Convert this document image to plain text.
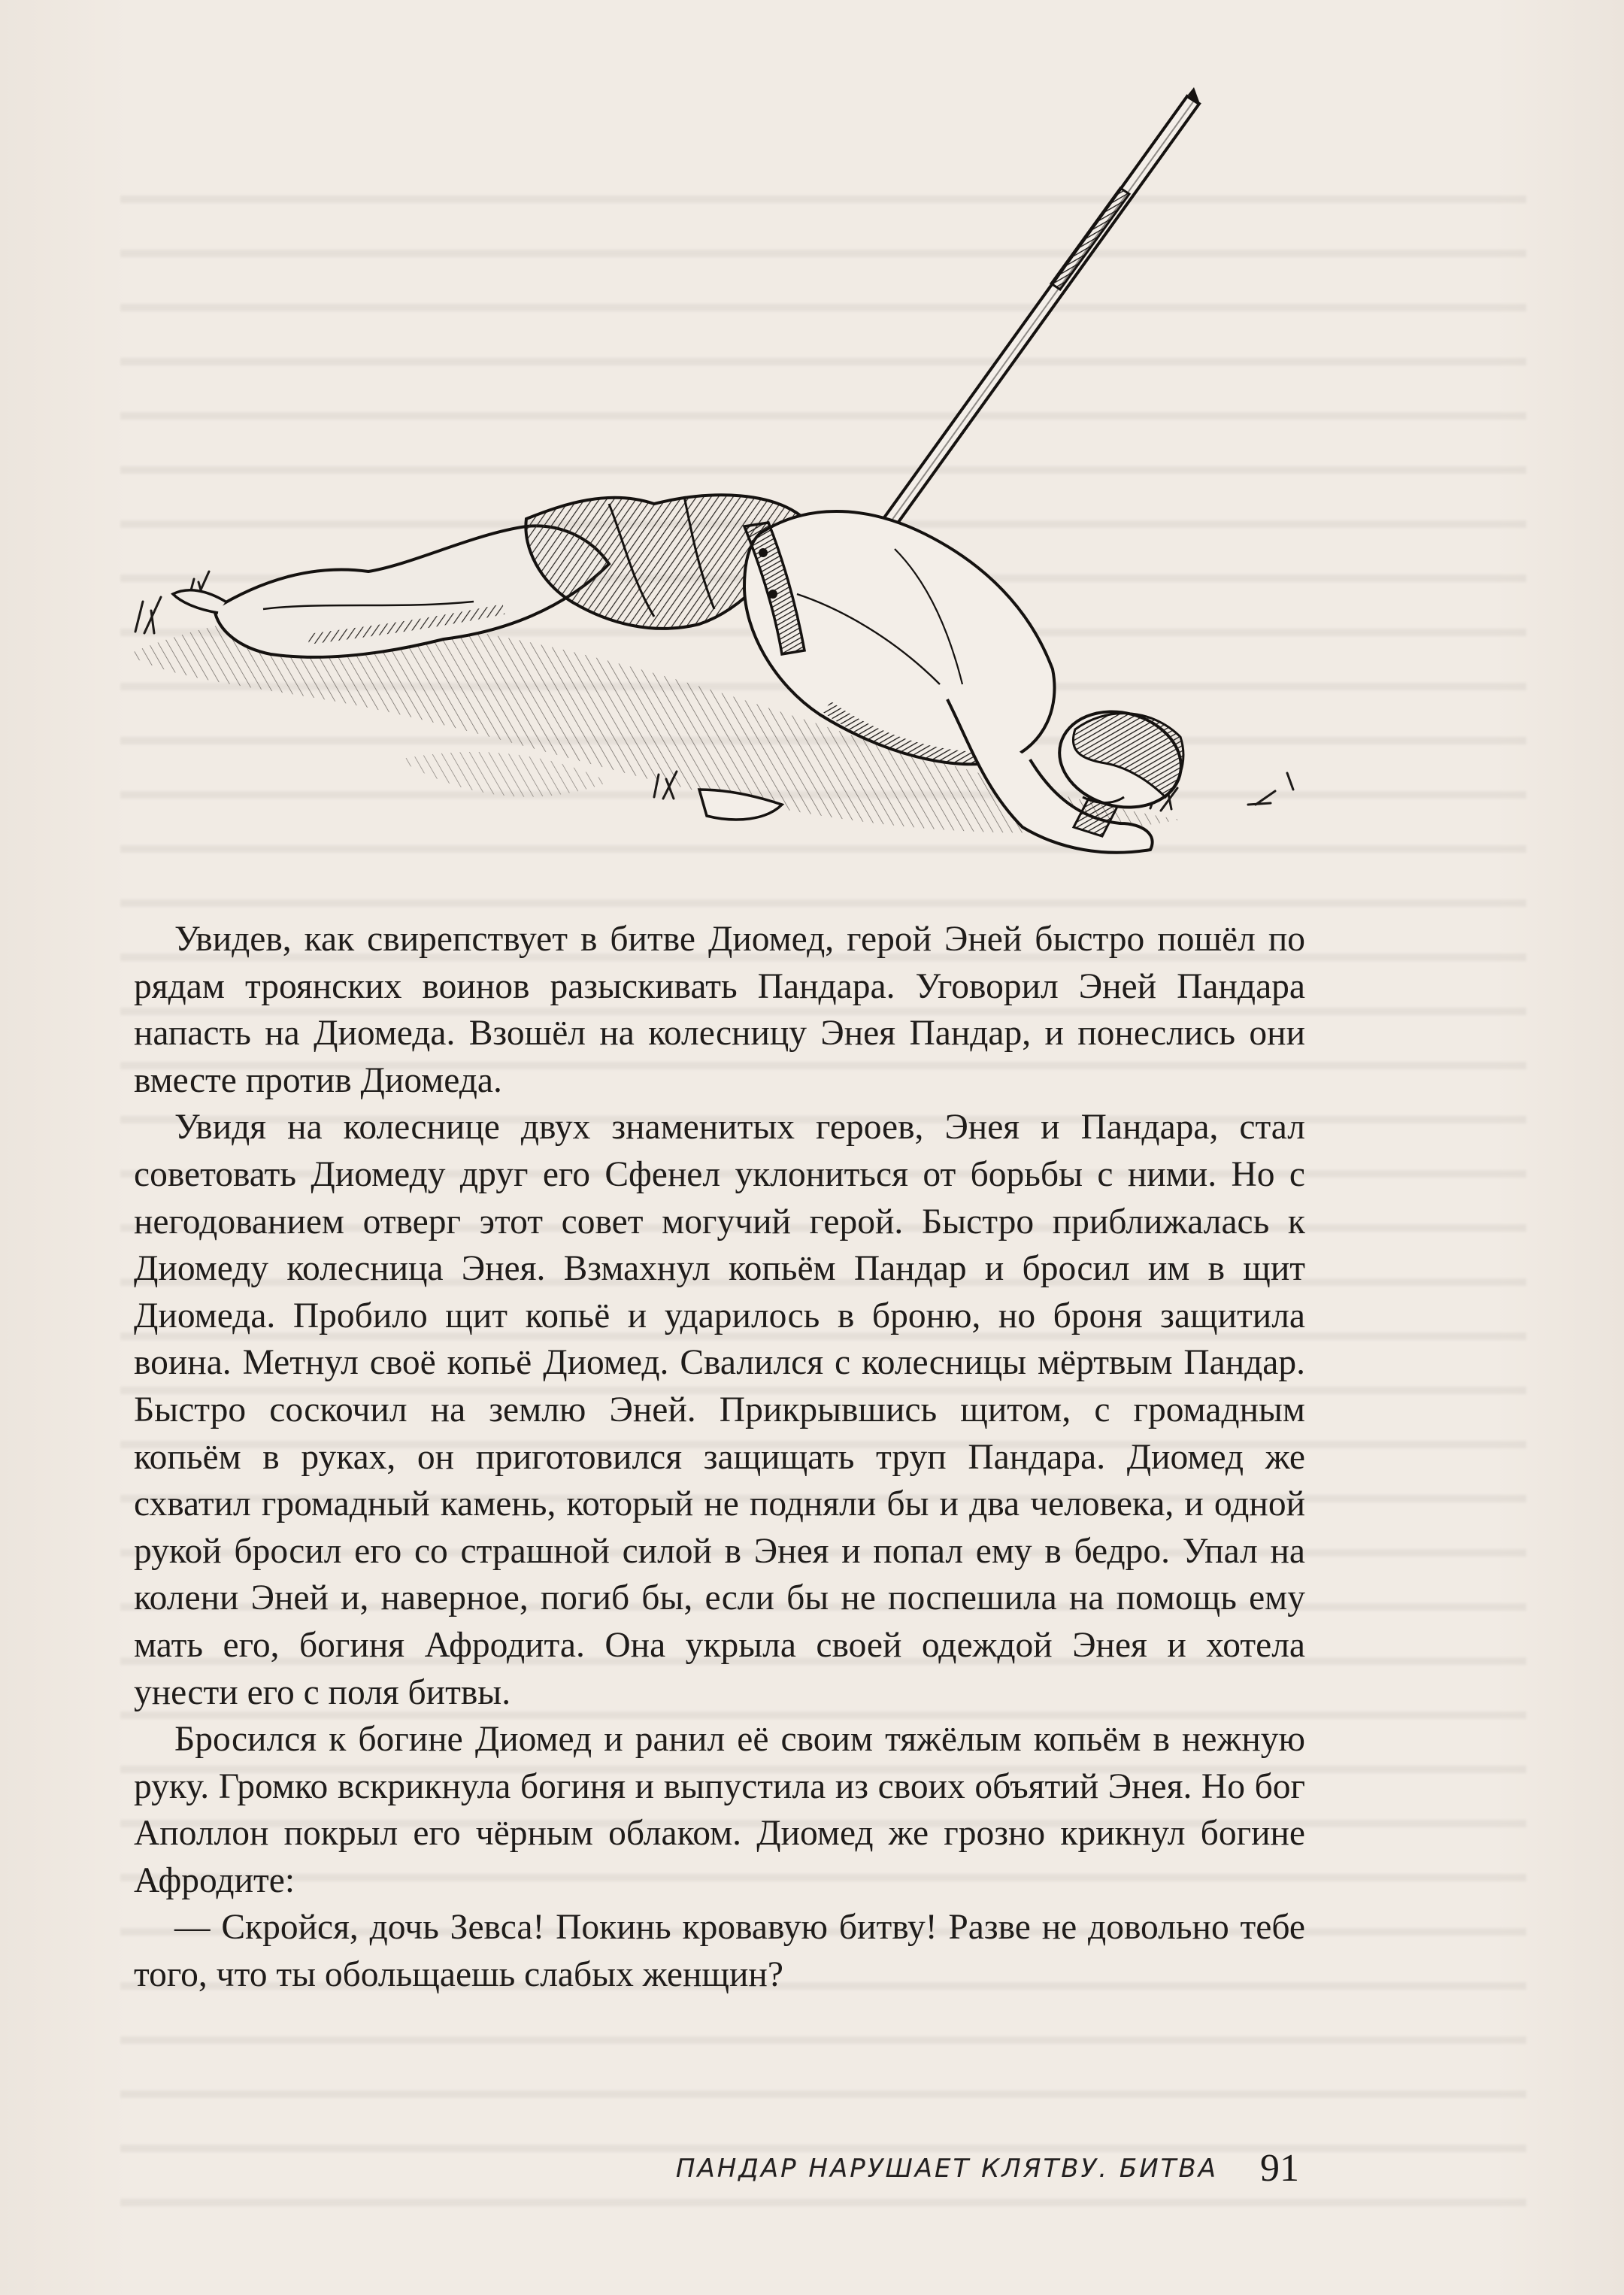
Увидев, как свирепствует в битве Диомед, герой Эней быстро пошёл по рядам троянских воинов разыскивать Пандара. Уговорил Эней Пандара напасть на Диомеда. Взошёл на колесницу Энея Пандар, и понеслись они вместе против Диомеда.

Увидя на колеснице двух знаменитых героев, Энея и Пандара, стал советовать Диомеду друг его Сфенел уклониться от борьбы с ними. Но с негодованием отверг этот совет могучий герой. Быстро приближалась к Диомеду колесница Энея. Взмахнул копьём Пандар и бросил им в щит Диомеда. Пробило щит копьё и ударилось в броню, но броня защитила воина. Метнул своё копьё Диомед. Свалился с колесницы мёртвым Пандар. Быстро соскочил на землю Эней. Прикрывшись щитом, с громадным копьём в руках, он приготовился защищать труп Пандара. Диомед же схватил громадный камень, который не подняли бы и два человека, и одной рукой бросил его со страшной силой в Энея и попал ему в бедро. Упал на колени Эней и, наверное, погиб бы, если бы не поспешила на помощь ему мать его, богиня Афродита. Она укрыла своей одеждой Энея и хотела унести его с поля битвы.

Бросился к богине Диомед и ранил её своим тяжёлым копьём в нежную руку. Громко вскрикнула богиня и выпустила из своих объятий Энея. Но бог Аполлон покрыл его чёрным облаком. Диомед же грозно крикнул богине Афродите:

— Скройся, дочь Зевса! Покинь кровавую битву! Разве не довольно тебе того, что ты обольщаешь слабых женщин?

ПАНДАР НАРУШАЕТ КЛЯТВУ. БИТВА 91
